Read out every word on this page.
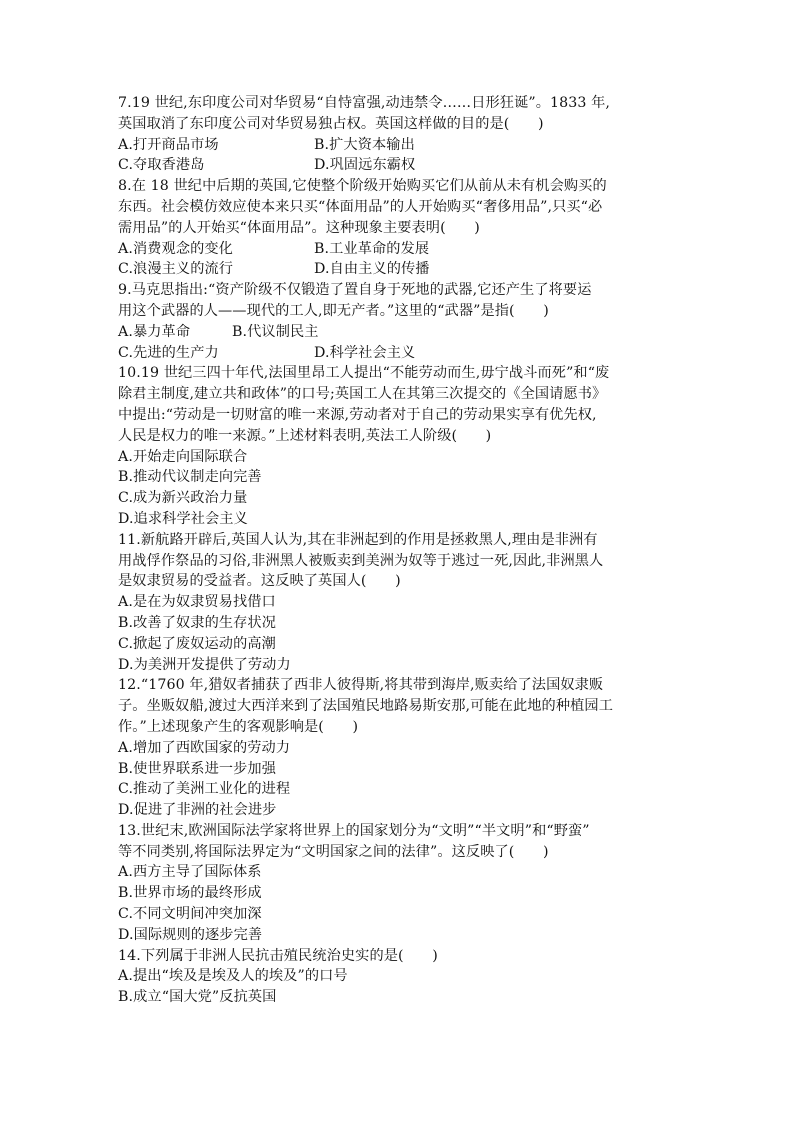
7.19 世纪,东印度公司对华贸易“自恃富强,动违禁令……日形狂诞”。1833 年,
英国取消了东印度公司对华贸易独占权。英国这样做的目的是(　　)
A.打开商品市场	B.扩大资本输出
C.夺取香港岛	D.巩固远东霸权
8.在 18 世纪中后期的英国,它使整个阶级开始购买它们从前从未有机会购买的
东西。社会模仿效应使本来只买“体面用品”的人开始购买“奢侈用品”,只买“必
需用品”的人开始买“体面用品”。这种现象主要表明(　　)
A.消费观念的变化	B.工业革命的发展
C.浪漫主义的流行	D.自由主义的传播
9.马克思指出:“资产阶级不仅锻造了置自身于死地的武器,它还产生了将要运
用这个武器的人——现代的工人,即无产者。”这里的“武器”是指(　　)
A.暴力革命	B.代议制民主
C.先进的生产力	D.科学社会主义
10.19 世纪三四十年代,法国里昂工人提出“不能劳动而生,毋宁战斗而死”和“废
除君主制度,建立共和政体”的口号;英国工人在其第三次提交的《全国请愿书》
中提出:“劳动是一切财富的唯一来源,劳动者对于自己的劳动果实享有优先权,
人民是权力的唯一来源。”上述材料表明,英法工人阶级(　　)
A.开始走向国际联合
B.推动代议制走向完善
C.成为新兴政治力量
D.追求科学社会主义
11.新航路开辟后,英国人认为,其在非洲起到的作用是拯救黑人,理由是非洲有
用战俘作祭品的习俗,非洲黑人被贩卖到美洲为奴等于逃过一死,因此,非洲黑人
是奴隶贸易的受益者。这反映了英国人(　　)
A.是在为奴隶贸易找借口
B.改善了奴隶的生存状况
C.掀起了废奴运动的高潮
D.为美洲开发提供了劳动力
12.“1760 年,猎奴者捕获了西非人彼得斯,将其带到海岸,贩卖给了法国奴隶贩
子。坐贩奴船,渡过大西洋来到了法国殖民地路易斯安那,可能在此地的种植园工
作。”上述现象产生的客观影响是(　　)
A.增加了西欧国家的劳动力
B.使世界联系进一步加强
C.推动了美洲工业化的进程
D.促进了非洲的社会进步
13.世纪末,欧洲国际法学家将世界上的国家划分为“文明”“半文明”和“野蛮”
等不同类别,将国际法界定为“文明国家之间的法律”。这反映了(　　)
A.西方主导了国际体系
B.世界市场的最终形成
C.不同文明间冲突加深
D.国际规则的逐步完善
14.下列属于非洲人民抗击殖民统治史实的是(　　)
A.提出“埃及是埃及人的埃及”的口号
B.成立“国大党”反抗英国
